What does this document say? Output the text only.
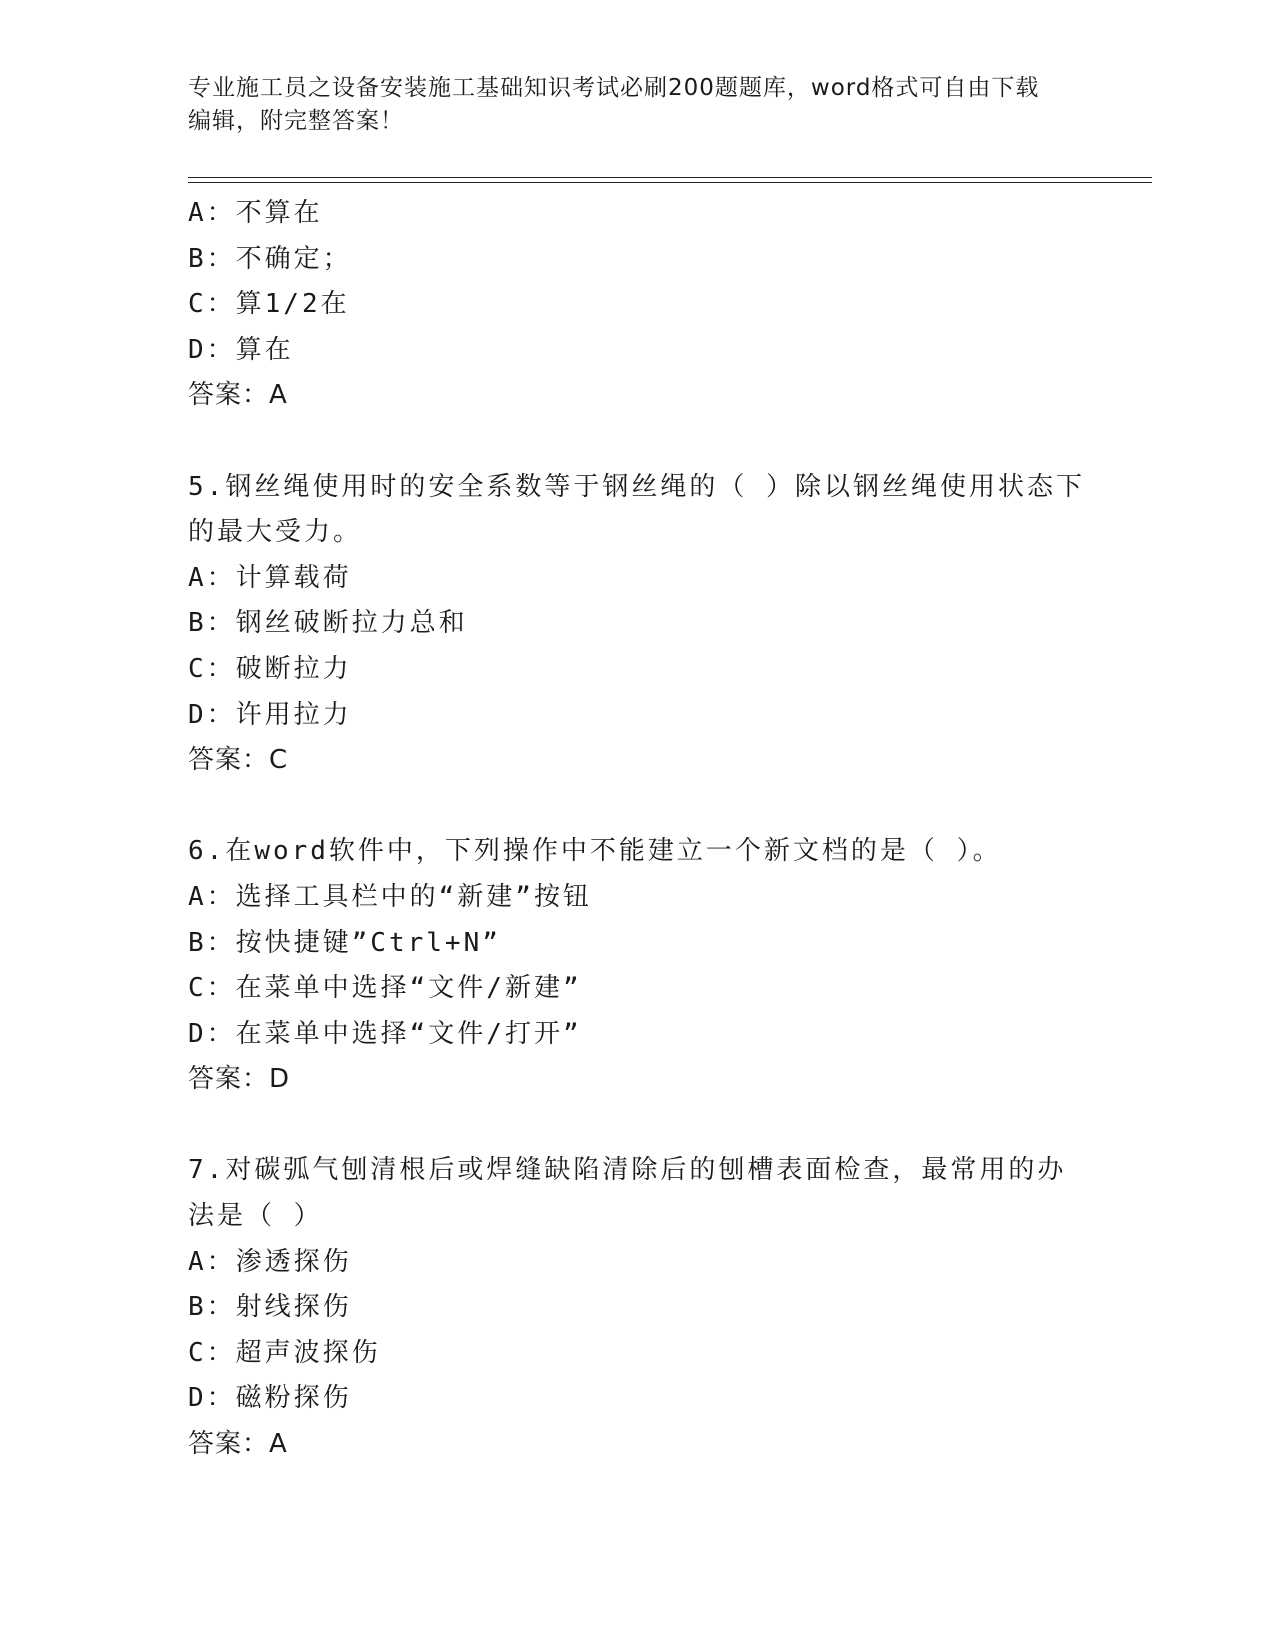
专业施工员之设备安装施工基础知识考试必刷200题题库，word格式可自由下载
编辑，附完整答案！
A：不算在
B：不确定；
C：算1/2在
D：算在
答案：A
5.钢丝绳使用时的安全系数等于钢丝绳的（ ）除以钢丝绳使用状态下
的最大受力。
A：计算载荷
B：钢丝破断拉力总和
C：破断拉力
D：许用拉力
答案：C
6.在word软件中，下列操作中不能建立一个新文档的是（ ）。
A：选择工具栏中的“新建”按钮
B：按快捷键”Ctrl+N”
C：在菜单中选择“文件/新建”
D：在菜单中选择“文件/打开”
答案：D
7.对碳弧气刨清根后或焊缝缺陷清除后的刨槽表面检查，最常用的办
法是（ ）
A：渗透探伤
B：射线探伤
C：超声波探伤
D：磁粉探伤
答案：A
